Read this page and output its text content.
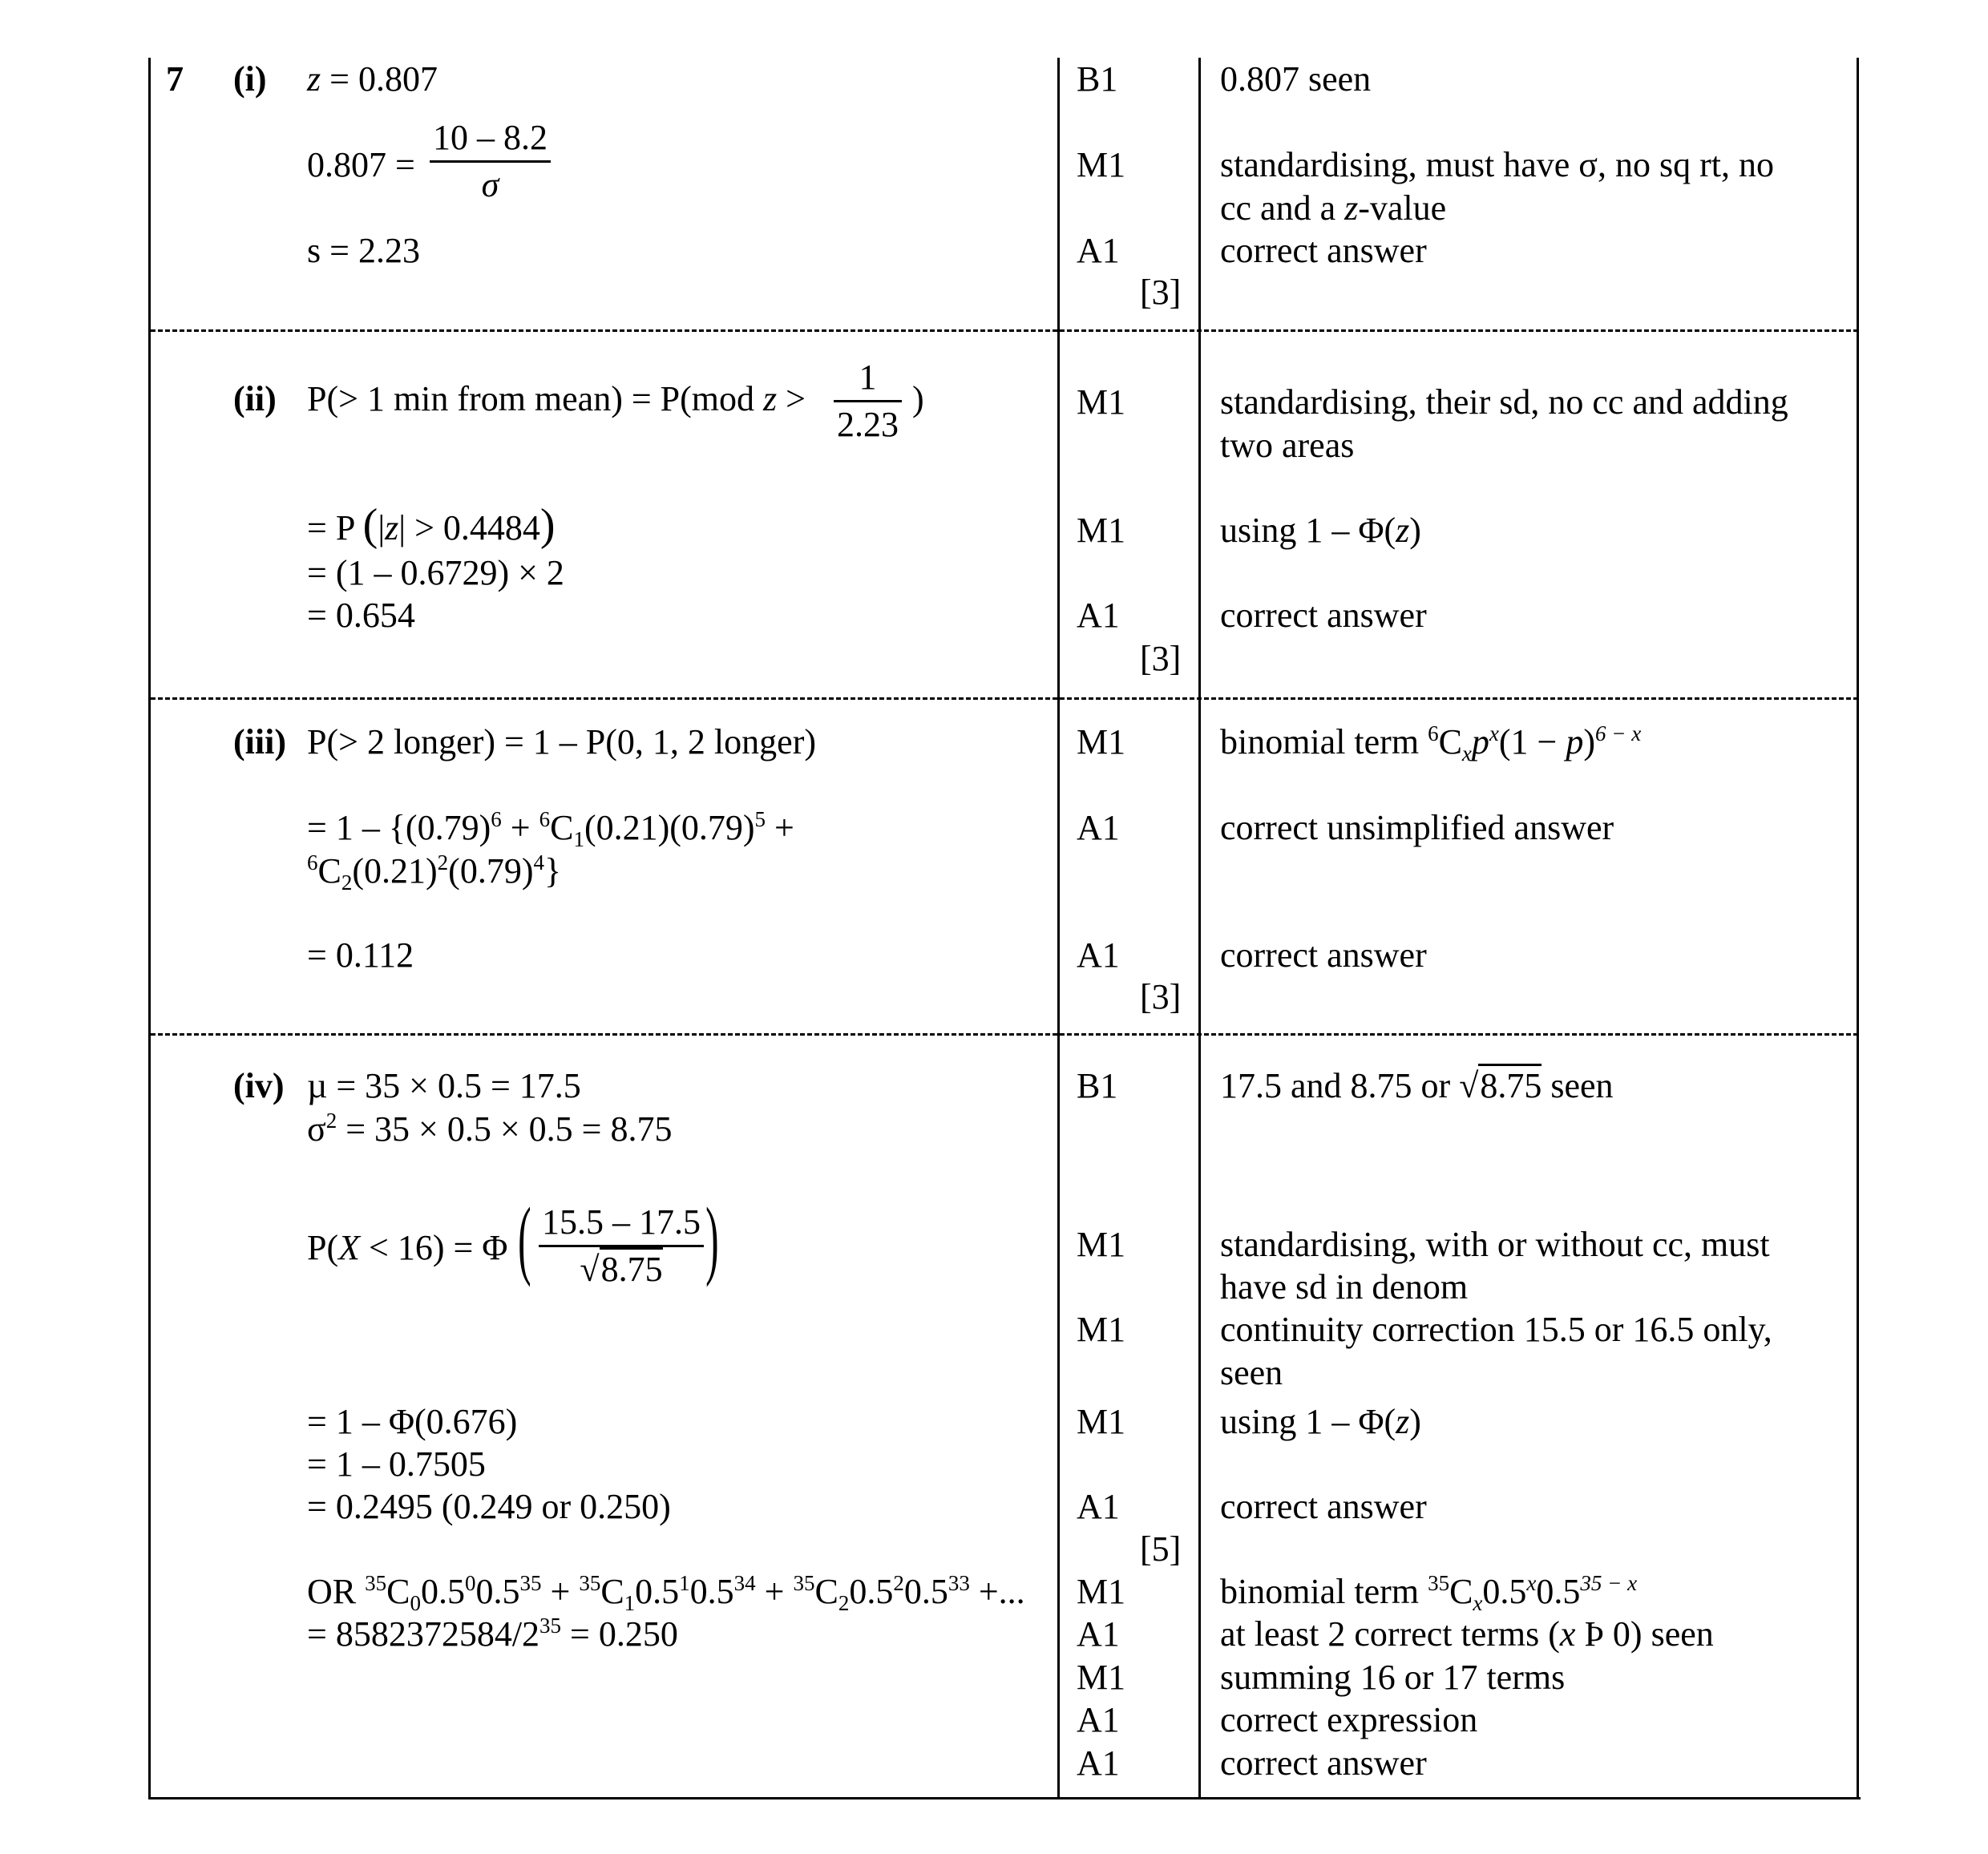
7 (i) z = 0.807
$0.807 = \frac{10 - 8.2}{\sigma}$
s = 2.23
B1
M1
A1
[3]
0.807 seen
standardising, must have σ, no sq rt, no
cc and a z-value
correct answer
(ii) P(> 1 min from mean) = P(mod $z > \frac{1}{2.23}$ )
= P (|z| > 0.4484)
= (1 – 0.6729) × 2
= 0.654
M1
M1
A1
[3]
standardising, their sd, no cc and adding
two areas
using 1 – Φ(z)
correct answer
(iii) P(> 2 longer) = 1 – P(0, 1, 2 longer)
= $1 - \{(0.79)^6 + ^6C_1(0.21)(0.79)^5$ +
$^6C_2(0.21)^2(0.79)^4$}
= 0.112
M1
A1
A1
[3]
binomial term $^6C_xp^x(1 - p)^{6 - x}$
correct unsimplified answer
correct answer
(iv) µ = 35 × 0.5 = 17.5
$\sigma^2 = 35 \times 0.5 \times 0.5 = 8.75$
P(X < 16) = Φ ( $\frac{15.5 - 17.5}{√8.75}$ )
= 1 – Φ(0.676)
= 1 – 0.7505
= 0.2495 (0.249 or 0.250)
OR $^{35}C_00.5^00.5^{35} + ^{35}C_10.5^10.5^{34} + ^{35}C_20.5^20.5^{33}$ +...
= $8582372584/2^{35} = 0.250$
B1
M1
M1
M1
A1
[5]
M1
A1
M1
A1
A1
17.5 and 8.75 or √8.75 seen
standardising, with or without cc, must
have sd in denom
continuity correction 15.5 or 16.5 only,
seen
using 1 – Φ(z)
correct answer
binomial term $^{35}C_x0.5^x0.5^{35 - x}$
at least 2 correct terms (x Þ 0) seen
summing 16 or 17 terms
correct expression
correct answer
